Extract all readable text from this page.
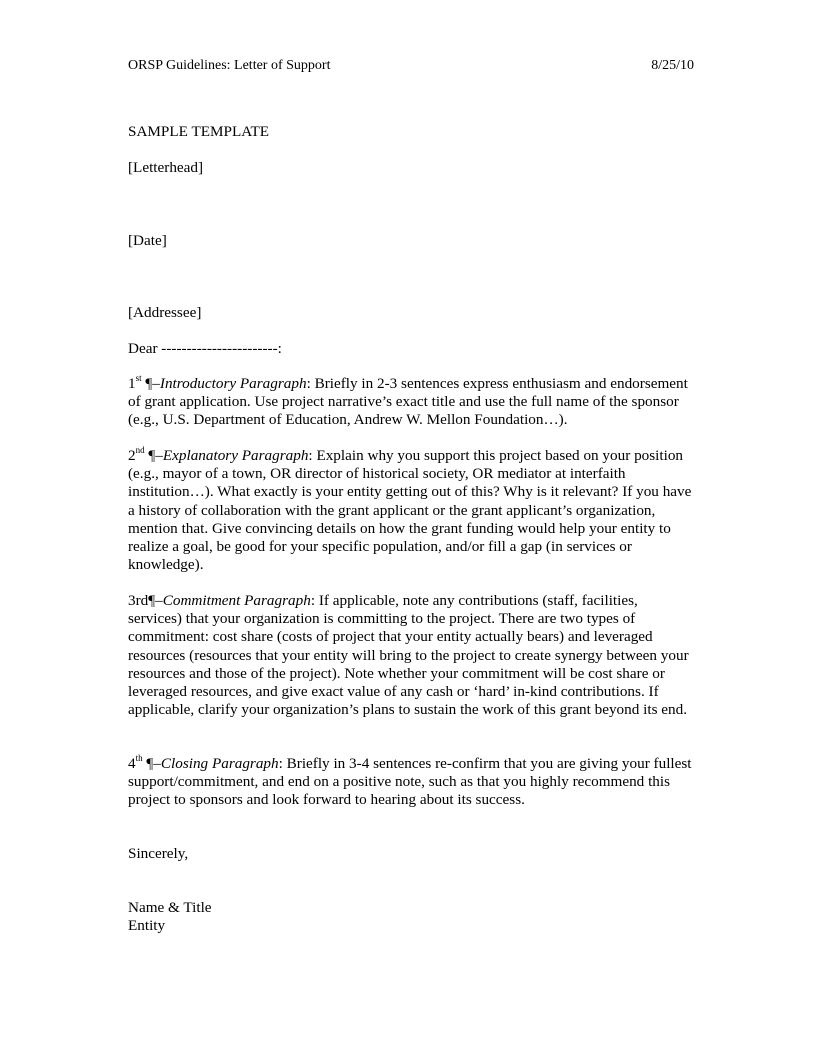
ORSP Guidelines: Letter of Support	8/25/10
SAMPLE TEMPLATE
[Letterhead]
[Date]
[Addressee]
Dear -----------------------:

1st ¶–Introductory Paragraph: Briefly in 2-3 sentences express enthusiasm and endorsement of grant application. Use project narrative’s exact title and use the full name of the sponsor (e.g., U.S. Department of Education, Andrew W. Mellon Foundation…).

2nd ¶–Explanatory Paragraph: Explain why you support this project based on your position (e.g., mayor of a town, OR director of historical society, OR mediator at interfaith institution…). What exactly is your entity getting out of this? Why is it relevant? If you have a history of collaboration with the grant applicant or the grant applicant’s organization, mention that. Give convincing details on how the grant funding would help your entity to realize a goal, be good for your specific population, and/or fill a gap (in services or knowledge).

3rd¶–Commitment Paragraph: If applicable, note any contributions (staff, facilities, services) that your organization is committing to the project. There are two types of commitment: cost share (costs of project that your entity actually bears) and leveraged resources (resources that your entity will bring to the project to create synergy between your resources and those of the project). Note whether your commitment will be cost share or leveraged resources, and give exact value of any cash or ‘hard’ in-kind contributions. If applicable, clarify your organization’s plans to sustain the work of this grant beyond its end.

4th ¶–Closing Paragraph: Briefly in 3-4 sentences re-confirm that you are giving your fullest support/commitment, and end on a positive note, such as that you highly recommend this project to sponsors and look forward to hearing about its success.

Sincerely,
Name & Title
Entity
